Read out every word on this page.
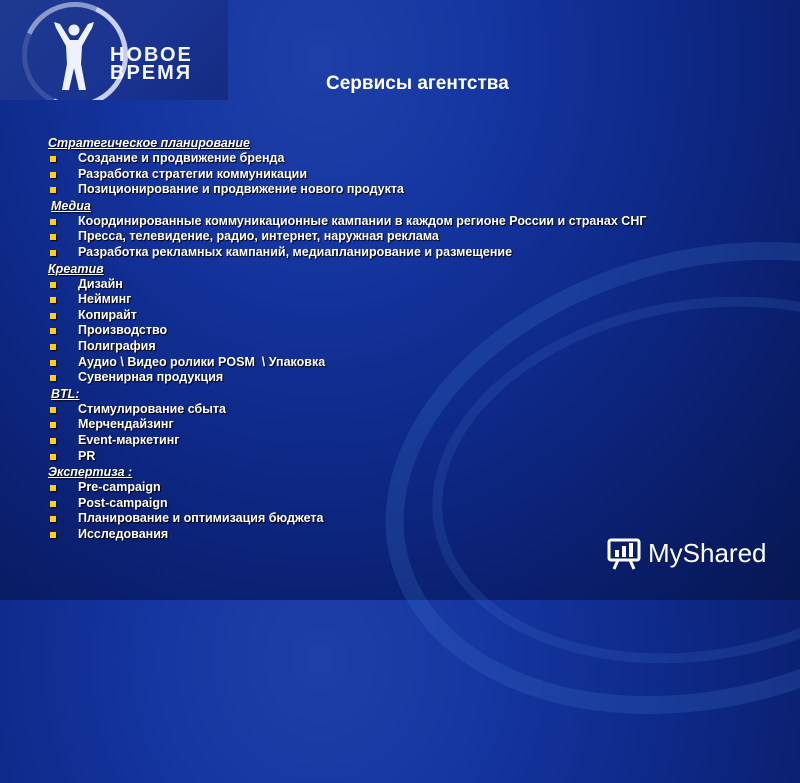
НОВОЕ
ВРЕМЯ	Сервисы агентства
Стратегическое планирование
Создание и продвижение бренда
Разработка стратегии коммуникации
Позиционирование и продвижение нового продукта
Медиа
Координированные коммуникационные кампании в каждом регионе России и странах СНГ
Пресса, телевидение, радио, интернет, наружная реклама
Разработка рекламных кампаний, медиапланирование и размещение
Креатив
Дизайн
Нейминг
Копирайт
Производство
Полиграфия
Аудио \ Видео ролики POSM  \ Упаковка
Сувенирная продукция
BTL:
Стимулирование сбыта
Мерчендайзинг
Event-маркетинг
PR
Экспертиза :
Pre-campaign
Post-campaign
Планирование и оптимизация бюджета
Исследования
MyShared
